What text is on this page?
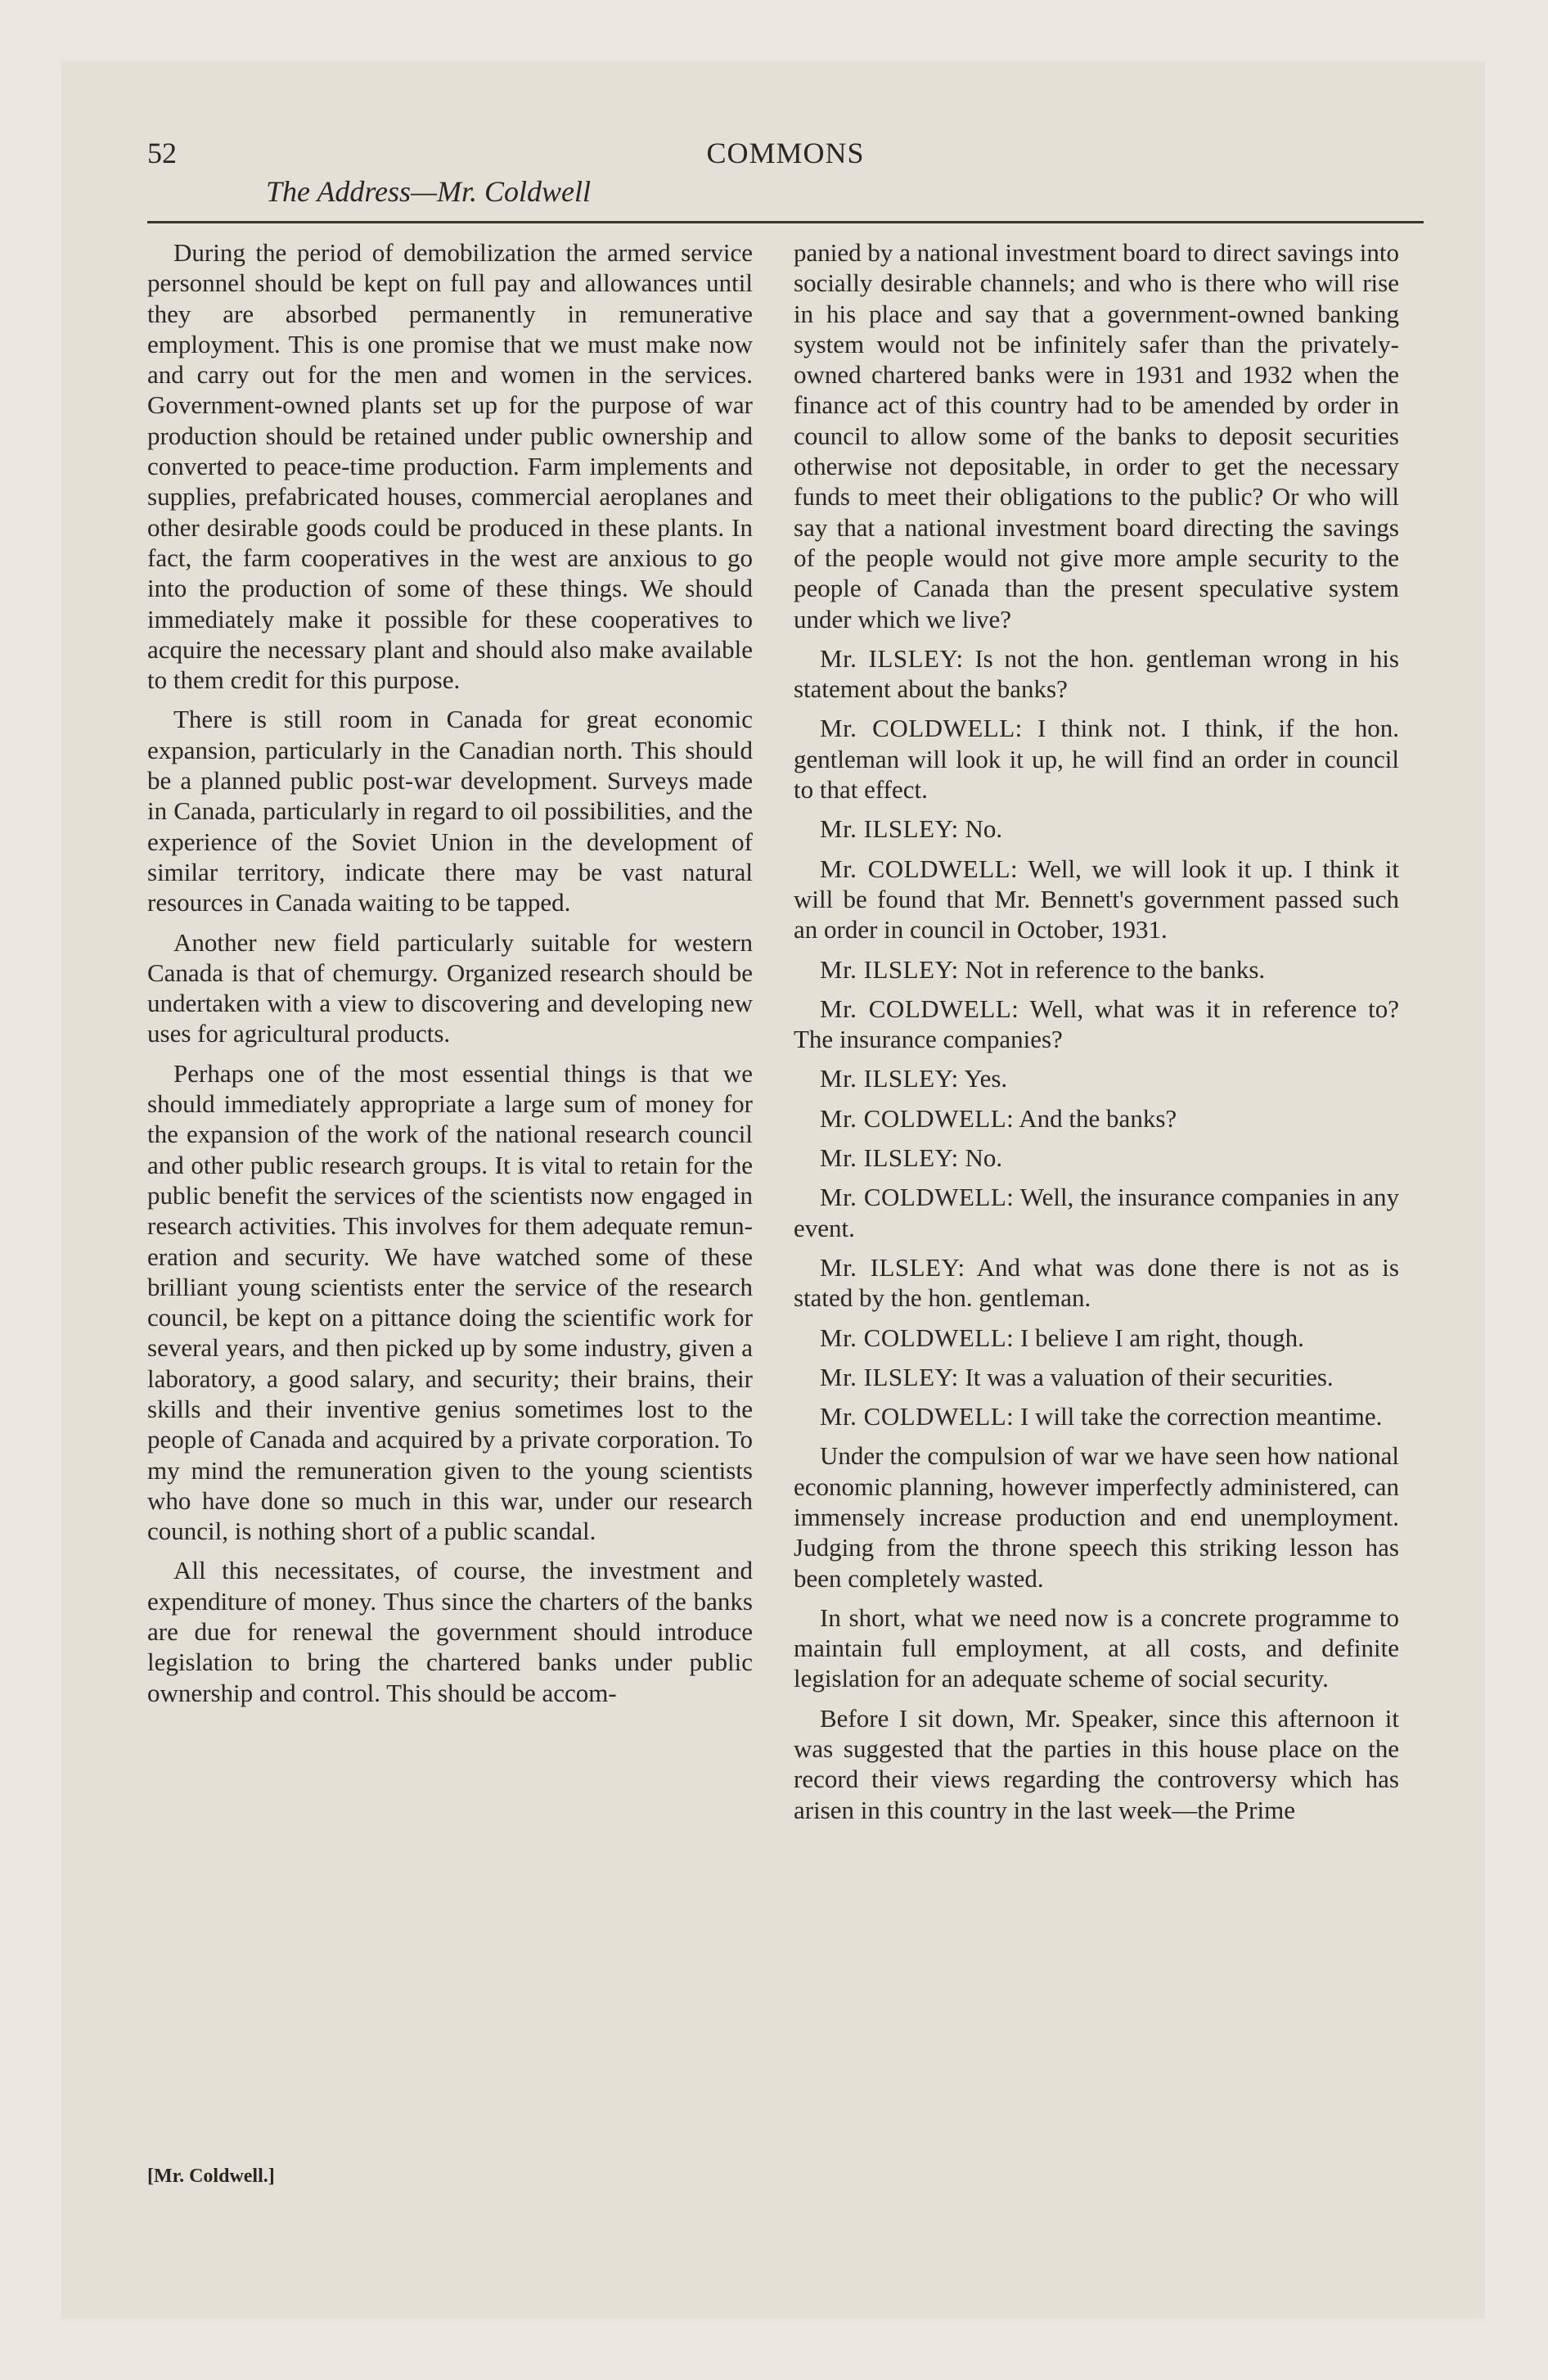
52	COMMONS
The Address—Mr. Coldwell

During the period of demobilization the armed service personnel should be kept on full pay and allowances until they are absorbed permanently in remunerative employment. This is one promise that we must make now and carry out for the men and women in the services. Government-owned plants set up for the purpose of war production should be retained under public ownership and converted to peace-time production. Farm implements and supplies, prefabricated houses, commercial aeroplanes and other desirable goods could be produced in these plants. In fact, the farm cooperatives in the west are anxious to go into the production of some of these things. We should immediately make it possible for these cooperatives to acquire the necessary plant and should also make available to them credit for this purpose.

There is still room in Canada for great economic expansion, particularly in the Canadian north. This should be a planned public post-war development. Surveys made in Canada, particularly in regard to oil possibilities, and the experience of the Soviet Union in the development of similar territory, indicate there may be vast natural resources in Canada waiting to be tapped.

Another new field particularly suitable for western Canada is that of chemurgy. Organized research should be undertaken with a view to discovering and developing new uses for agricultural products.

Perhaps one of the most essential things is that we should immediately appropriate a large sum of money for the expansion of the work of the national research council and other public research groups. It is vital to retain for the public benefit the services of the scientists now engaged in research activities. This involves for them adequate remuneration and security. We have watched some of these brilliant young scientists enter the service of the research council, be kept on a pittance doing the scientific work for several years, and then picked up by some industry, given a laboratory, a good salary, and security; their brains, their skills and their inventive genius sometimes lost to the people of Canada and acquired by a private corporation. To my mind the remuneration given to the young scientists who have done so much in this war, under our research council, is nothing short of a public scandal.

All this necessitates, of course, the investment and expenditure of money. Thus since the charters of the banks are due for renewal the government should introduce legislation to bring the chartered banks under public ownership and control. This should be accom-

panied by a national investment board to direct savings into socially desirable channels; and who is there who will rise in his place and say that a government-owned banking system would not be infinitely safer than the privately-owned chartered banks were in 1931 and 1932 when the finance act of this country had to be amended by order in council to allow some of the banks to deposit securities otherwise not depositable, in order to get the necessary funds to meet their obligations to the public? Or who will say that a national investment board directing the savings of the people would not give more ample security to the people of Canada than the present speculative system under which we live?

Mr. ILSLEY: Is not the hon. gentleman wrong in his statement about the banks?

Mr. COLDWELL: I think not. I think, if the hon. gentleman will look it up, he will find an order in council to that effect.

Mr. ILSLEY: No.

Mr. COLDWELL: Well, we will look it up. I think it will be found that Mr. Bennett's government passed such an order in council in October, 1931.

Mr. ILSLEY: Not in reference to the banks.

Mr. COLDWELL: Well, what was it in reference to? The insurance companies?

Mr. ILSLEY: Yes.

Mr. COLDWELL: And the banks?

Mr. ILSLEY: No.

Mr. COLDWELL: Well, the insurance companies in any event.

Mr. ILSLEY: And what was done there is not as is stated by the hon. gentleman.

Mr. COLDWELL: I believe I am right, though.

Mr. ILSLEY: It was a valuation of their securities.

Mr. COLDWELL: I will take the correction meantime.

Under the compulsion of war we have seen how national economic planning, however imperfectly administered, can immensely increase production and end unemployment. Judging from the throne speech this striking lesson has been completely wasted.

In short, what we need now is a concrete programme to maintain full employment, at all costs, and definite legislation for an adequate scheme of social security.

Before I sit down, Mr. Speaker, since this afternoon it was suggested that the parties in this house place on the record their views regarding the controversy which has arisen in this country in the last week—the Prime

[Mr. Coldwell.]
